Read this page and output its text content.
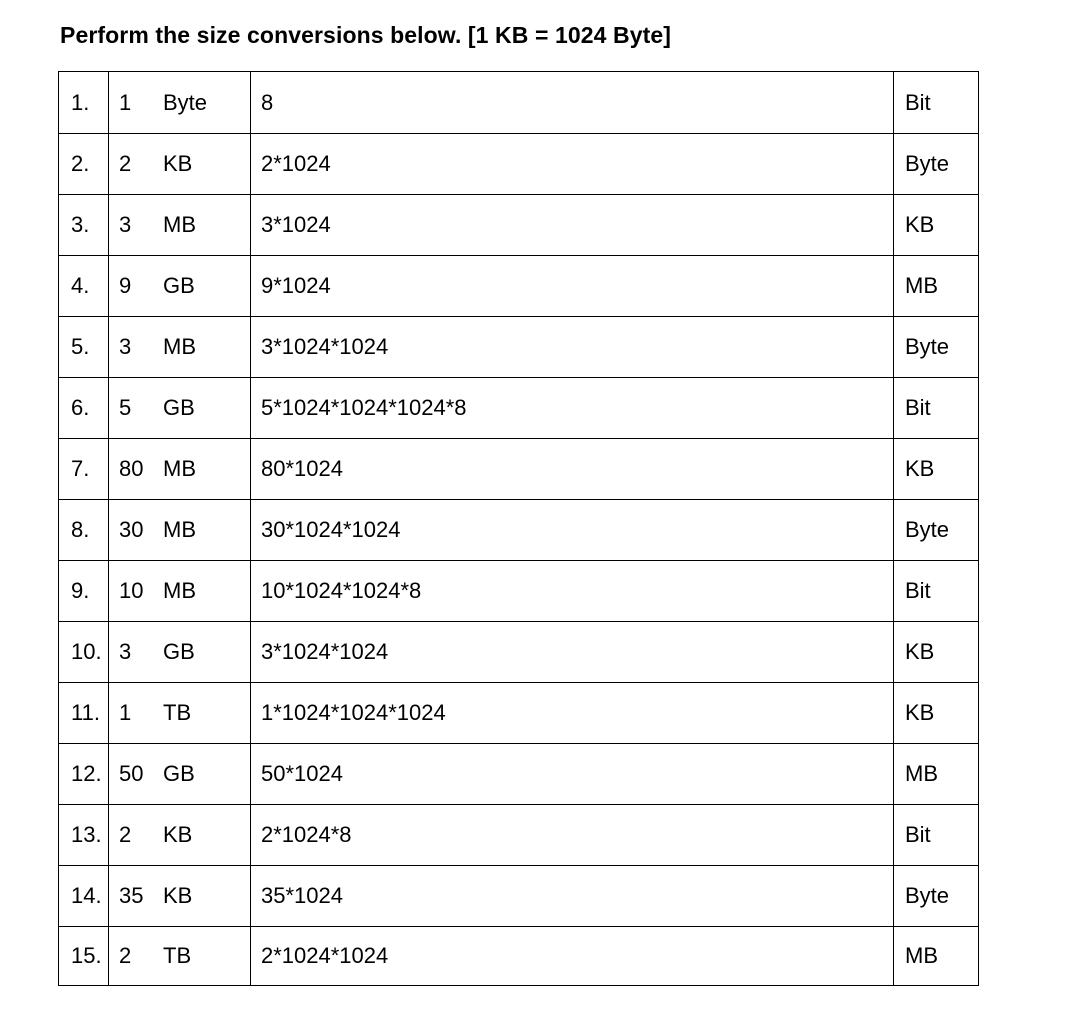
Perform the size conversions below. [1 KB = 1024 Byte]
1.	1 Byte	8	Bit
2.	2 KB	2*1024	Byte
3.	3 MB	3*1024	KB
4.	9 GB	9*1024	MB
5.	3 MB	3*1024*1024	Byte
6.	5 GB	5*1024*1024*1024*8	Bit
7.	80 MB	80*1024	KB
8.	30 MB	30*1024*1024	Byte
9.	10 MB	10*1024*1024*8	Bit
10.	3 GB	3*1024*1024	KB
11.	1 TB	1*1024*1024*1024	KB
12.	50 GB	50*1024	MB
13.	2 KB	2*1024*8	Bit
14.	35 KB	35*1024	Byte
15.	2 TB	2*1024*1024	MB
